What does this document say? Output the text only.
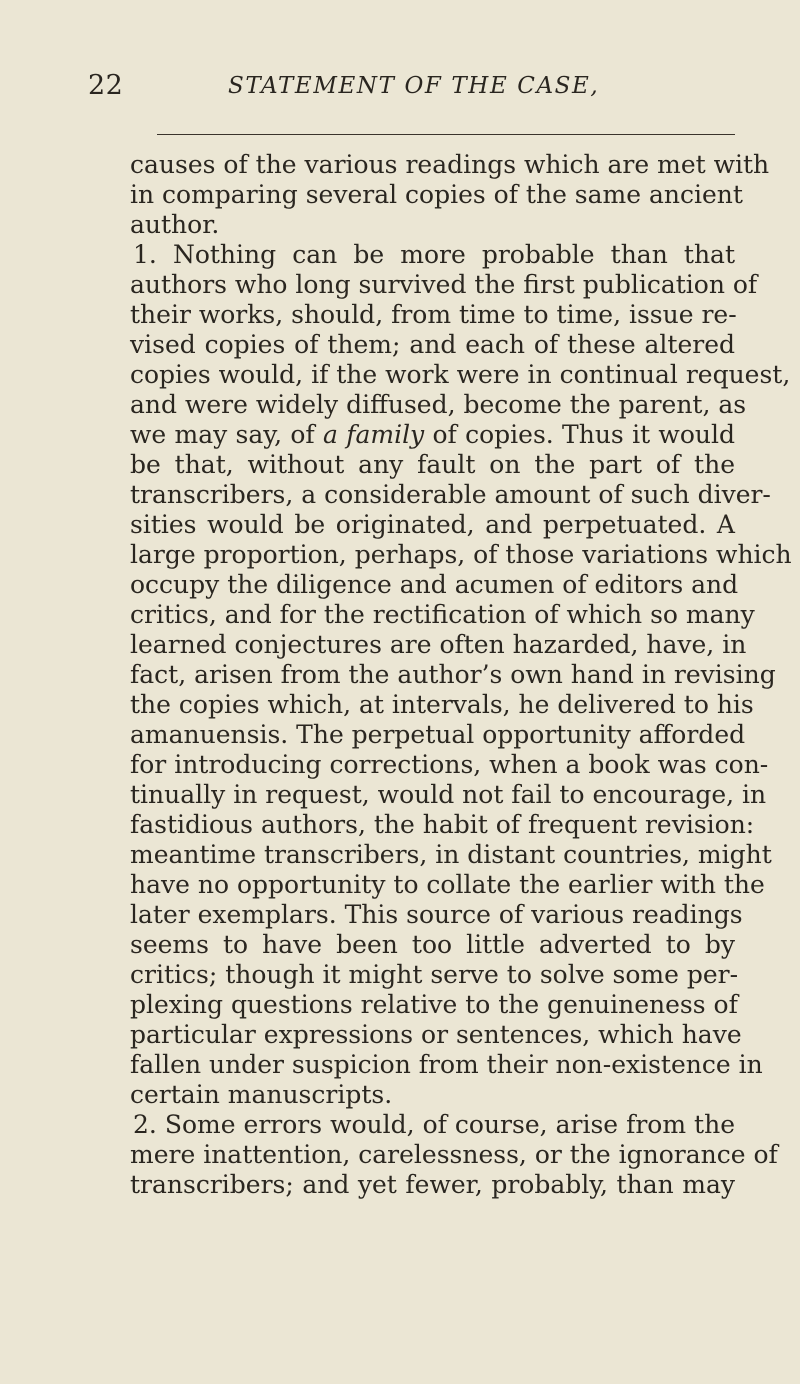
22	STATEMENT OF THE CASE,
causes of the various readings which are met with
in comparing several copies of the same ancient
author.
1. Nothing can be more probable than that
authors who long survived the first publication of
their works, should, from time to time, issue re-
vised copies of them; and each of these altered
copies would, if the work were in continual request,
and were widely diffused, become the parent, as
we may say, of a family of copies. Thus it would
be that, without any fault on the part of the
transcribers, a considerable amount of such diver-
sities would be originated, and perpetuated. A
large proportion, perhaps, of those variations which
occupy the diligence and acumen of editors and
critics, and for the rectification of which so many
learned conjectures are often hazarded, have, in
fact, arisen from the author’s own hand in revising
the copies which, at intervals, he delivered to his
amanuensis. The perpetual opportunity afforded
for introducing corrections, when a book was con-
tinually in request, would not fail to encourage, in
fastidious authors, the habit of frequent revision:
meantime transcribers, in distant countries, might
have no opportunity to collate the earlier with the
later exemplars. This source of various readings
seems to have been too little adverted to by
critics; though it might serve to solve some per-
plexing questions relative to the genuineness of
particular expressions or sentences, which have
fallen under suspicion from their non-existence in
certain manuscripts.
2. Some errors would, of course, arise from the
mere inattention, carelessness, or the ignorance of
transcribers; and yet fewer, probably, than may
